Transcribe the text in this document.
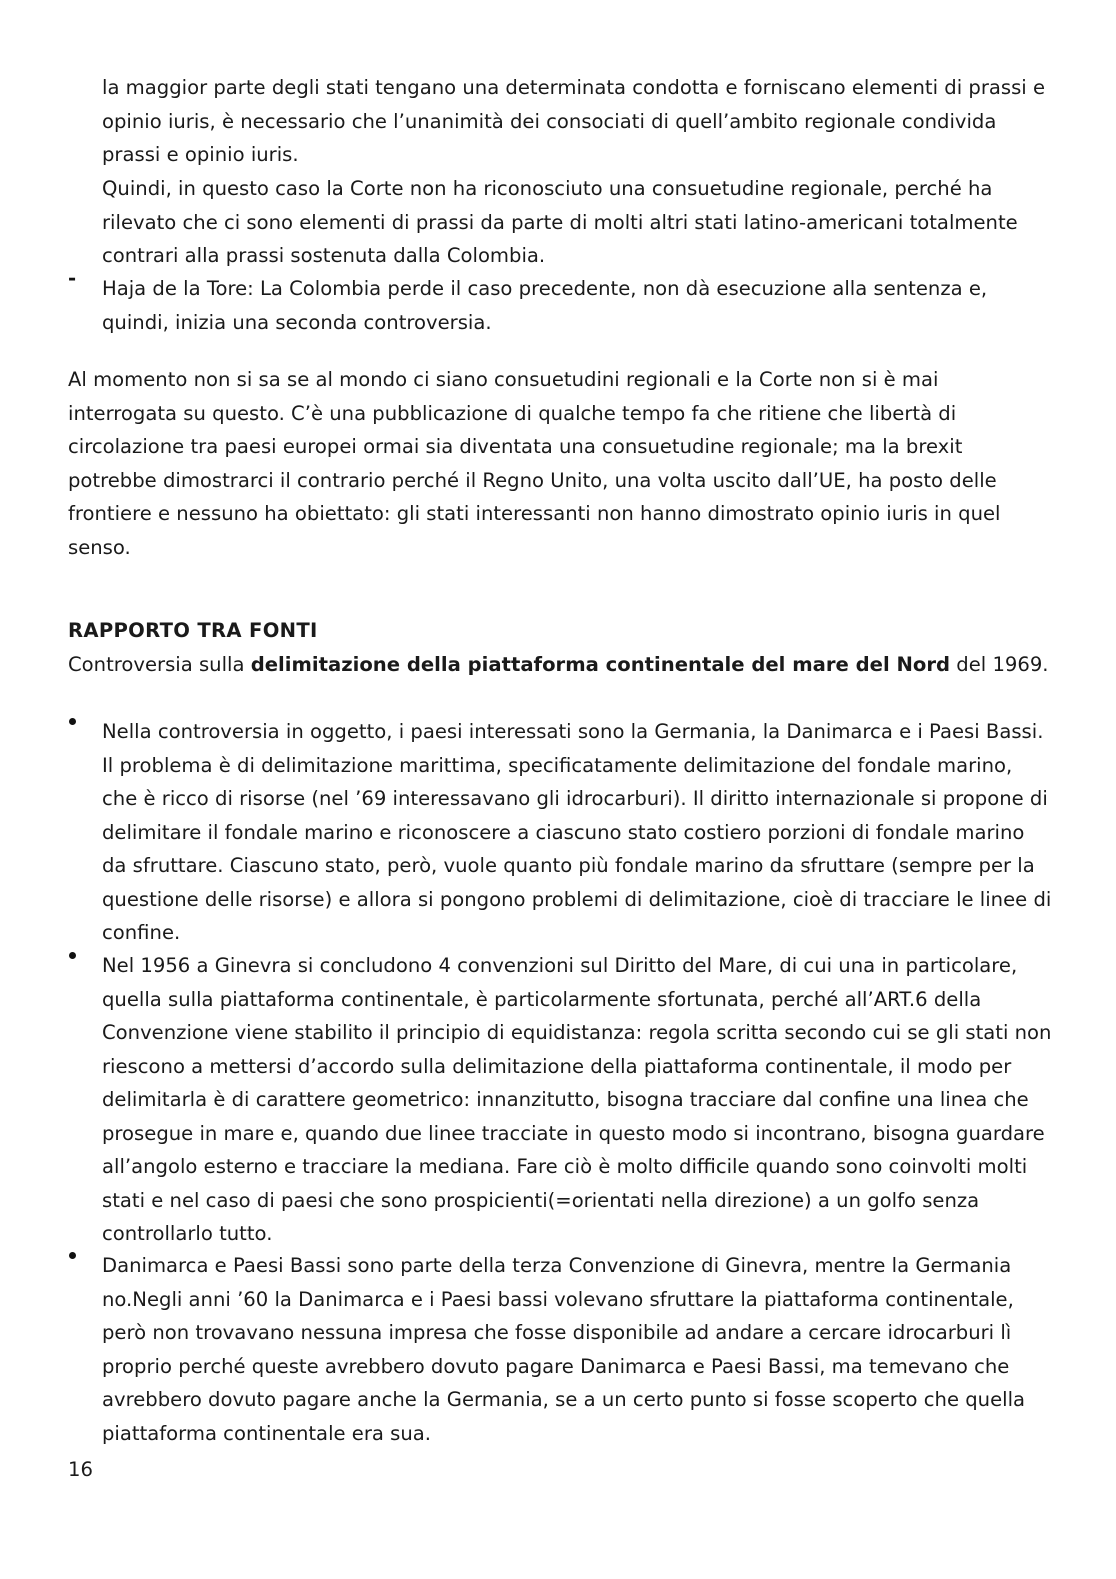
la maggior parte degli stati tengano una determinata condotta e forniscano elementi di prassi e opinio iuris, è necessario che l’unanimità dei consociati di quell’ambito regionale condivida prassi e opinio iuris.

Quindi, in questo caso la Corte non ha riconosciuto una consuetudine regionale, perché ha rilevato che ci sono elementi di prassi da parte di molti altri stati latino-americani totalmente contrari alla prassi sostenuta dalla Colombia.

- Haja de la Tore: La Colombia perde il caso precedente, non dà esecuzione alla sentenza e, quindi, inizia una seconda controversia.

Al momento non si sa se al mondo ci siano consuetudini regionali e la Corte non si è mai interrogata su questo. C’è una pubblicazione di qualche tempo fa che ritiene che libertà di circolazione tra paesi europei ormai sia diventata una consuetudine regionale; ma la brexit potrebbe dimostrarci il contrario perché il Regno Unito, una volta uscito dall’UE, ha posto delle frontiere e nessuno ha obiettato: gli stati interessanti non hanno dimostrato opinio iuris in quel senso.

RAPPORTO TRA FONTI

Controversia sulla delimitazione della piattaforma continentale del mare del Nord del 1969.

Nella controversia in oggetto, i paesi interessati sono la Germania, la Danimarca e i Paesi Bassi. Il problema è di delimitazione marittima, specificatamente delimitazione del fondale marino, che è ricco di risorse (nel ’69 interessavano gli idrocarburi). Il diritto internazionale si propone di delimitare il fondale marino e riconoscere a ciascuno stato costiero porzioni di fondale marino da sfruttare. Ciascuno stato, però, vuole quanto più fondale marino da sfruttare (sempre per la questione delle risorse) e allora si pongono problemi di delimitazione, cioè di tracciare le linee di confine.

Nel 1956 a Ginevra si concludono 4 convenzioni sul Diritto del Mare, di cui una in particolare, quella sulla piattaforma continentale, è particolarmente sfortunata, perché all’ART.6 della Convenzione viene stabilito il principio di equidistanza: regola scritta secondo cui se gli stati non riescono a mettersi d’accordo sulla delimitazione della piattaforma continentale, il modo per delimitarla è di carattere geometrico: innanzitutto, bisogna tracciare dal confine una linea che prosegue in mare e, quando due linee tracciate in questo modo si incontrano, bisogna guardare all’angolo esterno e tracciare la mediana. Fare ciò è molto difficile quando sono coinvolti molti stati e nel caso di paesi che sono prospicienti(=orientati nella direzione) a un golfo senza controllarlo tutto.

Danimarca e Paesi Bassi sono parte della terza Convenzione di Ginevra, mentre la Germania no.Negli anni ’60 la Danimarca e i Paesi bassi volevano sfruttare la piattaforma continentale, però non trovavano nessuna impresa che fosse disponibile ad andare a cercare idrocarburi lì proprio perché queste avrebbero dovuto pagare Danimarca e Paesi Bassi, ma temevano che avrebbero dovuto pagare anche la Germania, se a un certo punto si fosse scoperto che quella piattaforma continentale era sua.

16
